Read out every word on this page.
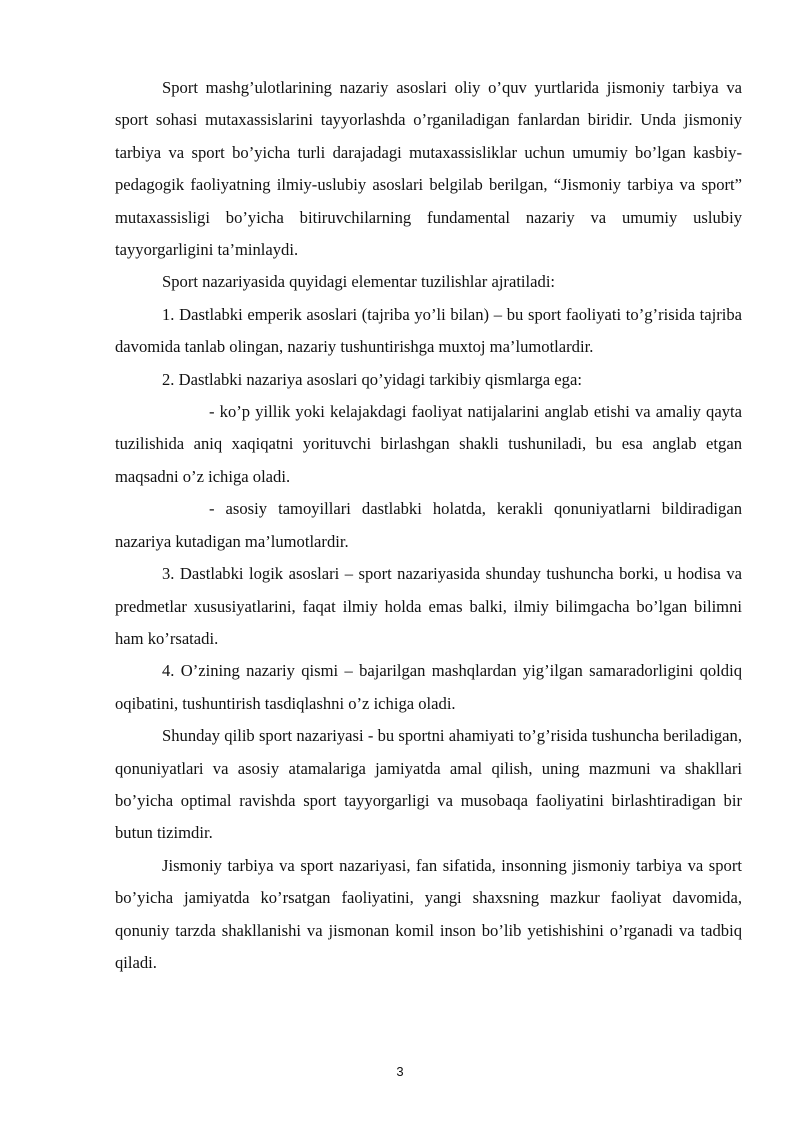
Sport mashg’ulotlarining nazariy asoslari oliy o’quv yurtlarida jismoniy tarbiya va sport sohasi mutaxassislarini tayyorlashda o’rganiladigan fanlardan biridir. Unda jismoniy tarbiya va sport bo’yicha turli darajadagi mutaxassisliklar uchun umumiy bo’lgan kasbiy-pedagogik faoliyatning ilmiy-uslubiy asoslari belgilab berilgan, “Jismoniy tarbiya va sport” mutaxassisligi bo’yicha bitiruvchilarning fundamental nazariy va umumiy uslubiy tayyorgarligini ta’minlaydi.

Sport nazariyasida quyidagi elementar tuzilishlar ajratiladi:

1. Dastlabki emperik asoslari (tajriba yo’li bilan) – bu sport faoliyati to’g’risida tajriba davomida tanlab olingan, nazariy tushuntirishga muxtoj ma’lumotlardir.

2. Dastlabki nazariya asoslari qo’yidagi tarkibiy qismlarga ega:

- ko’p yillik yoki kelajakdagi faoliyat natijalarini anglab etishi va amaliy qayta tuzilishida aniq xaqiqatni yorituvchi birlashgan shakli tushuniladi, bu esa anglab etgan maqsadni o’z ichiga oladi.

- asosiy tamoyillari dastlabki holatda, kerakli qonuniyatlarni bildiradigan nazariya kutadigan ma’lumotlardir.

3. Dastlabki logik asoslari – sport nazariyasida shunday tushuncha borki, u hodisa va predmetlar xususiyatlarini, faqat ilmiy holda emas balki, ilmiy bilimgacha bo’lgan bilimni ham ko’rsatadi.

4. O’zining nazariy qismi – bajarilgan mashqlardan yig’ilgan samaradorligini qoldiq oqibatini, tushuntirish tasdiqlashni o’z ichiga oladi.

Shunday qilib sport nazariyasi - bu sportni ahamiyati to’g’risida tushuncha beriladigan, qonuniyatlari va asosiy atamalariga jamiyatda amal qilish, uning mazmuni va shakllari bo’yicha optimal ravishda sport tayyorgarligi va musobaqa faoliyatini birlashtiradigan bir butun tizimdir.

Jismoniy tarbiya va sport nazariyasi, fan sifatida, insonning jismoniy tarbiya va sport bo’yicha jamiyatda ko’rsatgan faoliyatini, yangi shaxsning mazkur faoliyat davomida, qonuniy tarzda shakllanishi va jismonan komil inson bo’lib yetishishini o’rganadi va tadbiq qiladi.

3
